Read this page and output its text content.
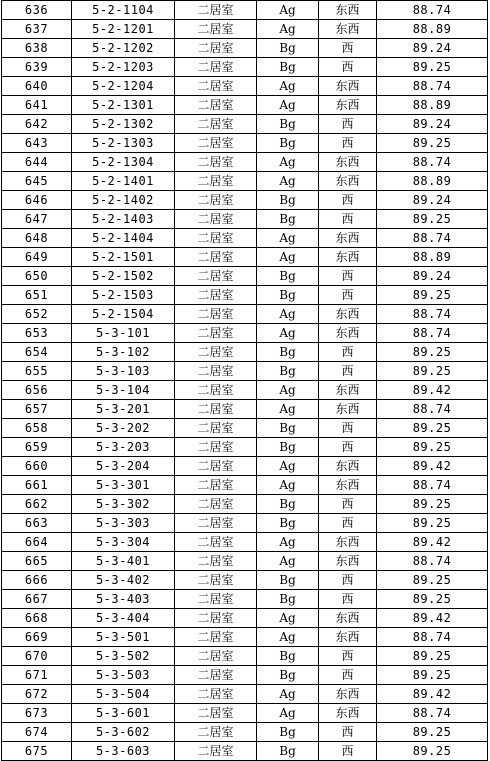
636	5-2-1104	二居室	Ag	东西	88.74
637	5-2-1201	二居室	Ag	东西	88.89
638	5-2-1202	二居室	Bg	西	89.24
639	5-2-1203	二居室	Bg	西	89.25
640	5-2-1204	二居室	Ag	东西	88.74
641	5-2-1301	二居室	Ag	东西	88.89
642	5-2-1302	二居室	Bg	西	89.24
643	5-2-1303	二居室	Bg	西	89.25
644	5-2-1304	二居室	Ag	东西	88.74
645	5-2-1401	二居室	Ag	东西	88.89
646	5-2-1402	二居室	Bg	西	89.24
647	5-2-1403	二居室	Bg	西	89.25
648	5-2-1404	二居室	Ag	东西	88.74
649	5-2-1501	二居室	Ag	东西	88.89
650	5-2-1502	二居室	Bg	西	89.24
651	5-2-1503	二居室	Bg	西	89.25
652	5-2-1504	二居室	Ag	东西	88.74
653	5-3-101	二居室	Ag	东西	88.74
654	5-3-102	二居室	Bg	西	89.25
655	5-3-103	二居室	Bg	西	89.25
656	5-3-104	二居室	Ag	东西	89.42
657	5-3-201	二居室	Ag	东西	88.74
658	5-3-202	二居室	Bg	西	89.25
659	5-3-203	二居室	Bg	西	89.25
660	5-3-204	二居室	Ag	东西	89.42
661	5-3-301	二居室	Ag	东西	88.74
662	5-3-302	二居室	Bg	西	89.25
663	5-3-303	二居室	Bg	西	89.25
664	5-3-304	二居室	Ag	东西	89.42
665	5-3-401	二居室	Ag	东西	88.74
666	5-3-402	二居室	Bg	西	89.25
667	5-3-403	二居室	Bg	西	89.25
668	5-3-404	二居室	Ag	东西	89.42
669	5-3-501	二居室	Ag	东西	88.74
670	5-3-502	二居室	Bg	西	89.25
671	5-3-503	二居室	Bg	西	89.25
672	5-3-504	二居室	Ag	东西	89.42
673	5-3-601	二居室	Ag	东西	88.74
674	5-3-602	二居室	Bg	西	89.25
675	5-3-603	二居室	Bg	西	89.25
